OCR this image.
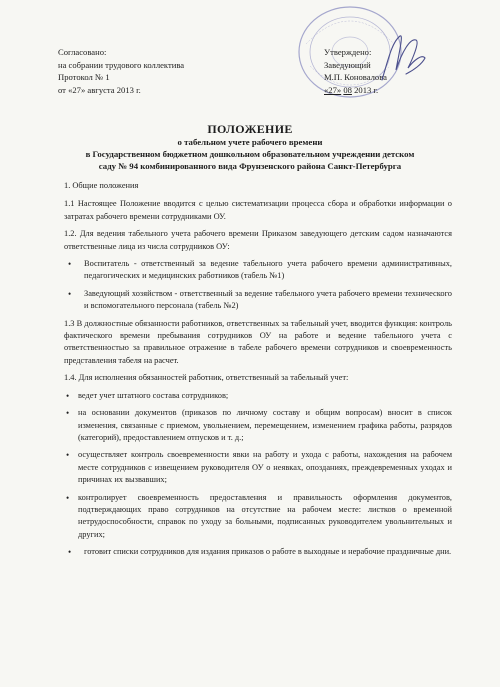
Согласовано:
на собрании трудового коллектива
Протокол № 1
от «27» августа 2013 г.
Утверждено:
Заведующий
М.П. Коновалова
«27» 08 2013 г.
ПОЛОЖЕНИЕ
о табельном учете рабочего времени
в Государственном бюджетном дошкольном образовательном учреждении детском
саду № 94 комбинированного вида Фрунзенского района Санкт-Петербурга

1. Общие положения

1.1 Настоящее Положение вводится с целью систематизации процесса сбора и обработки информации о затратах рабочего времени сотрудниками ОУ.

1.2. Для ведения табельного учета рабочего времени Приказом заведующего детским садом назначаются ответственные лица из числа сотрудников ОУ:

• Воспитатель - ответственный за ведение табельного учета рабочего времени административных, педагогических и медицинских работников (табель №1)

• Заведующий хозяйством - ответственный за ведение табельного учета рабочего времени технического и вспомогательного персонала (табель №2)

1.3 В должностные обязанности работников, ответственных за табельный учет, вводится функция: контроль фактического времени пребывания сотрудников ОУ на работе и ведение табельного учета с ответственностью за правильное отражение в табеле рабочего времени сотрудников и своевременность представления табеля на расчет.

1.4. Для исполнения обязанностей работник, ответственный за табельный учет:

• ведет учет штатного состава сотрудников;

• на основании документов (приказов по личному составу и общим вопросам) вносит в список изменения, связанные с приемом, увольнением, перемещением, изменением графика работы, разрядов (категорий), предоставлением отпусков и т. д.;

• осуществляет контроль своевременности явки на работу и ухода с работы, нахождения на рабочем месте сотрудников с извещением руководителя ОУ о неявках, опозданиях, преждевременных уходах и причинах их вызвавших;

• контролирует своевременность предоставления и правильность оформления документов, подтверждающих право сотрудников на отсутствие на рабочем месте: листков о временной нетрудоспособности, справок по уходу за больными, подписанных руководителем увольнительных и других;

• готовит списки сотрудников для издания приказов о работе в выходные и нерабочие праздничные дни.
